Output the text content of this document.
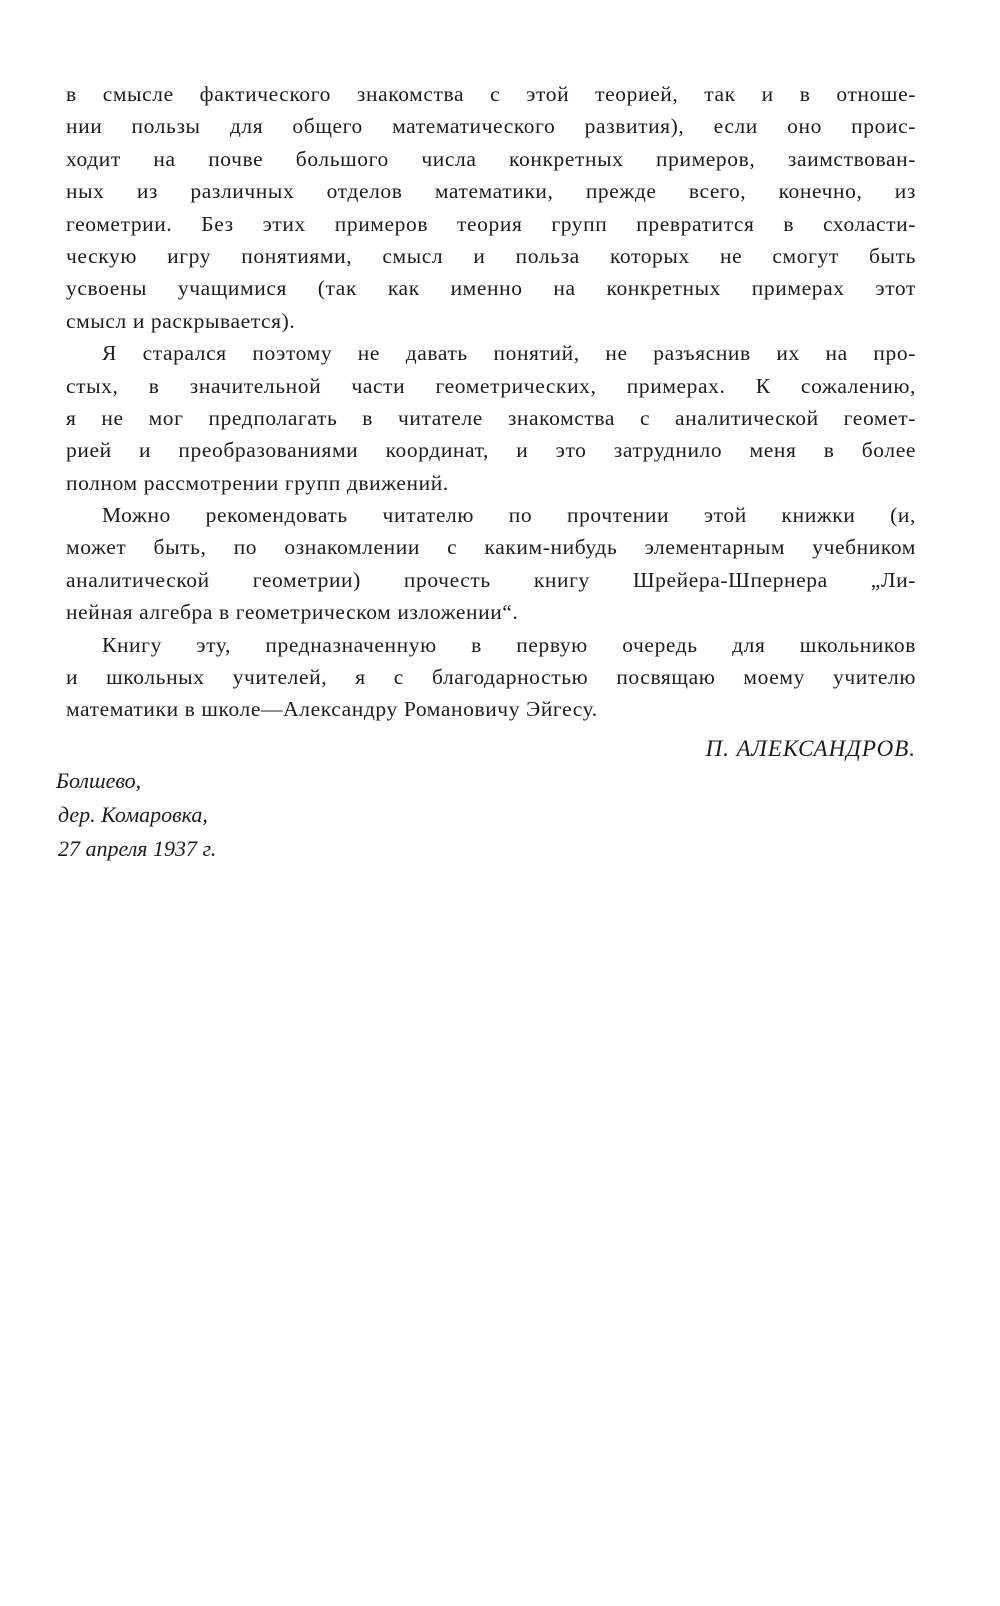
в смысле фактического знакомства с этой теорией, так и в отноше-
нии пользы для общего математического развития), если оно проис-
ходит на почве большого числа конкретных примеров, заимствован-
ных из различных отделов математики, прежде всего, конечно, из
геометрии. Без этих примеров теория групп превратится в схоласти-
ческую игру понятиями, смысл и польза которых не смогут быть
усвоены учащимися (так как именно на конкретных примерах этот
смысл и раскрывается).
Я старался поэтому не давать понятий, не разъяснив их на про-
стых, в значительной части геометрических, примерах. К сожалению,
я не мог предполагать в читателе знакомства с аналитической геомет-
рией и преобразованиями координат, и это затруднило меня в более
полном рассмотрении групп движений.
Можно рекомендовать читателю по прочтении этой книжки (и,
может быть, по ознакомлении с каким-нибудь элементарным учебником
аналитической геометрии) прочесть книгу Шрейера-Шпернера „Ли-
нейная алгебра в геометрическом изложении“.
Книгу эту, предназначенную в первую очередь для школьников
и школьных учителей, я с благодарностью посвящаю моему учителю
математики в школе—Александру Романовичу Эйгесу.
П. АЛЕКСАНДРОВ.
Болшево,
дер. Комаровка,
27 апреля 1937 г.
